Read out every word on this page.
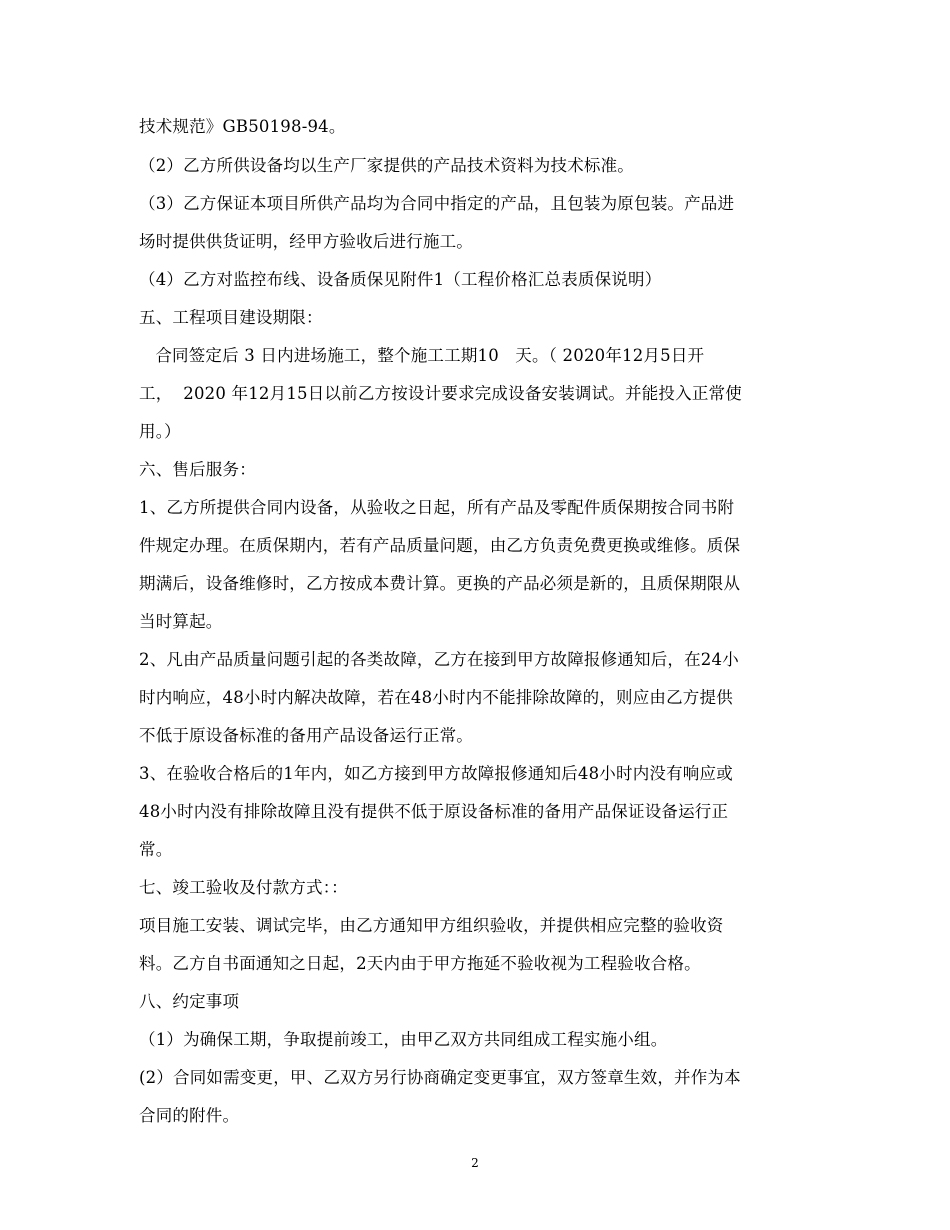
技术规范》GB50198-94。
（2）乙方所供设备均以生产厂家提供的产品技术资料为技术标准。
（3）乙方保证本项目所供产品均为合同中指定的产品，且包装为原包装。产品进
场时提供供货证明，经甲方验收后进行施工。
（4）乙方对监控布线、设备质保见附件1（工程价格汇总表质保说明）
五、工程项目建设期限：
合同签定后 3 日内进场施工，整个施工工期10   天。（ 2020年12月5日开
工，  2020 年12月15日以前乙方按设计要求完成设备安装调试。并能投入正常使
用。）
六、售后服务：
1、乙方所提供合同内设备，从验收之日起，所有产品及零配件质保期按合同书附
件规定办理。在质保期内，若有产品质量问题，由乙方负责免费更换或维修。质保
期满后，设备维修时，乙方按成本费计算。更换的产品必须是新的，且质保期限从
当时算起。
2、凡由产品质量问题引起的各类故障，乙方在接到甲方故障报修通知后，在24小
时内响应，48小时内解决故障，若在48小时内不能排除故障的，则应由乙方提供
不低于原设备标准的备用产品设备运行正常。
3、在验收合格后的1年内，如乙方接到甲方故障报修通知后48小时内没有响应或
48小时内没有排除故障且没有提供不低于原设备标准的备用产品保证设备运行正
常。
七、竣工验收及付款方式：：
项目施工安装、调试完毕，由乙方通知甲方组织验收，并提供相应完整的验收资
料。乙方自书面通知之日起，2天内由于甲方拖延不验收视为工程验收合格。
八、约定事项
（1）为确保工期，争取提前竣工，由甲乙双方共同组成工程实施小组。
(2）合同如需变更，甲、乙双方另行协商确定变更事宜，双方签章生效，并作为本
合同的附件。
2
